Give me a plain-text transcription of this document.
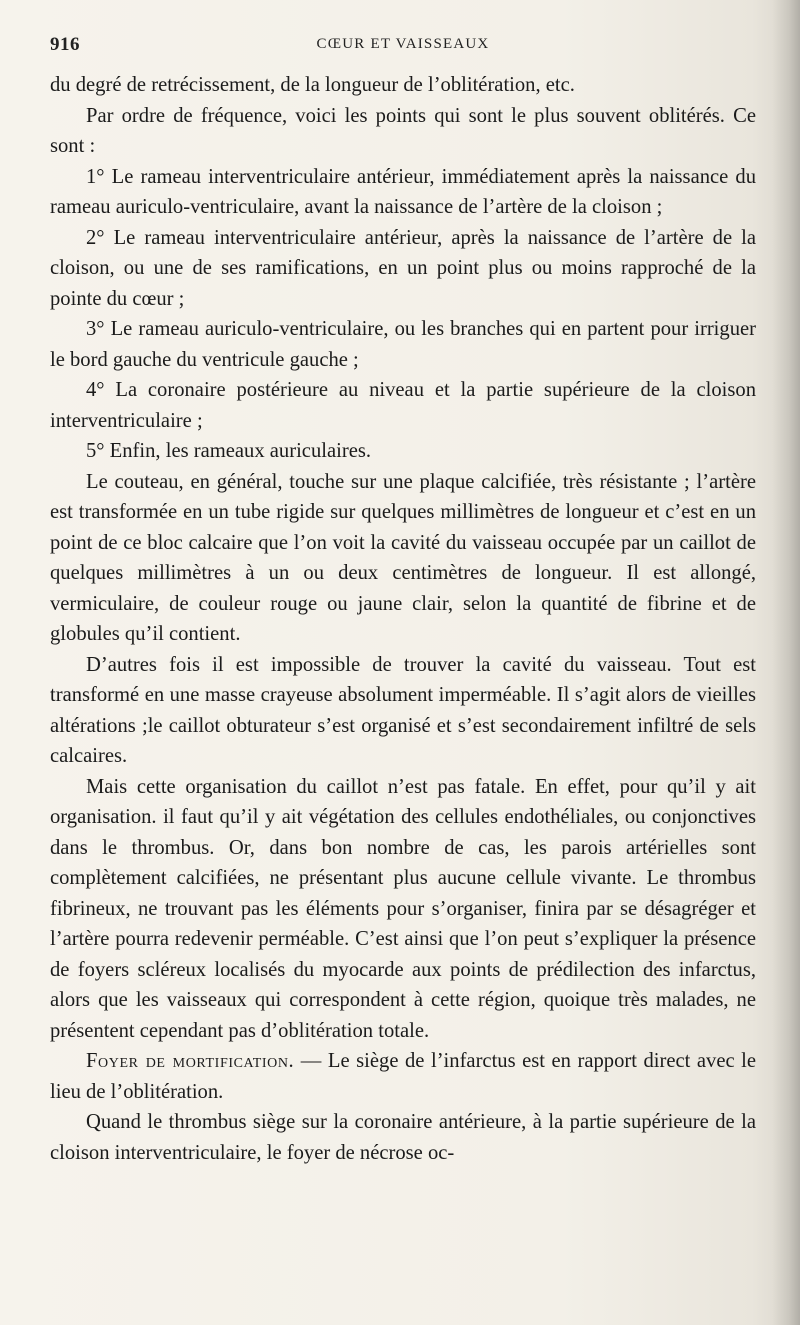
916	CŒUR ET VAISSEAUX

du degré de retrécissement, de la longueur de l’oblitération, etc.

Par ordre de fréquence, voici les points qui sont le plus souvent oblitérés. Ce sont :

1° Le rameau interventriculaire antérieur, immédiatement après la naissance du rameau auriculo-ventriculaire, avant la naissance de l’artère de la cloison ;

2° Le rameau interventriculaire antérieur, après la naissance de l’artère de la cloison, ou une de ses ramifications, en un point plus ou moins rapproché de la pointe du cœur ;

3° Le rameau auriculo-ventriculaire, ou les branches qui en partent pour irriguer le bord gauche du ventricule gauche ;

4° La coronaire postérieure au niveau et la partie supérieure de la cloison interventriculaire ;

5° Enfin, les rameaux auriculaires.

Le couteau, en général, touche sur une plaque calcifiée, très résistante ; l’artère est transformée en un tube rigide sur quelques millimètres de longueur et c’est en un point de ce bloc calcaire que l’on voit la cavité du vaisseau occupée par un caillot de quelques millimètres à un ou deux centimètres de longueur. Il est allongé, vermiculaire, de couleur rouge ou jaune clair, selon la quantité de fibrine et de globules qu’il contient.

D’autres fois il est impossible de trouver la cavité du vaisseau. Tout est transformé en une masse crayeuse absolument imperméable. Il s’agit alors de vieilles altérations ;le caillot obturateur s’est organisé et s’est secondairement infiltré de sels calcaires.

Mais cette organisation du caillot n’est pas fatale. En effet, pour qu’il y ait organisation. il faut qu’il y ait végétation des cellules endothéliales, ou conjonctives dans le thrombus. Or, dans bon nombre de cas, les parois artérielles sont complètement calcifiées, ne présentant plus aucune cellule vivante. Le thrombus fibrineux, ne trouvant pas les éléments pour s’organiser, finira par se désagréger et l’artère pourra redevenir perméable. C’est ainsi que l’on peut s’expliquer la présence de foyers scléreux localisés du myocarde aux points de prédilection des infarctus, alors que les vaisseaux qui correspondent à cette région, quoique très malades, ne présentent cependant pas d’oblitération totale.

Foyer de mortification. — Le siège de l’infarctus est en rapport direct avec le lieu de l’oblitération.

Quand le thrombus siège sur la coronaire antérieure, à la partie supérieure de la cloison interventriculaire, le foyer de nécrose oc-
